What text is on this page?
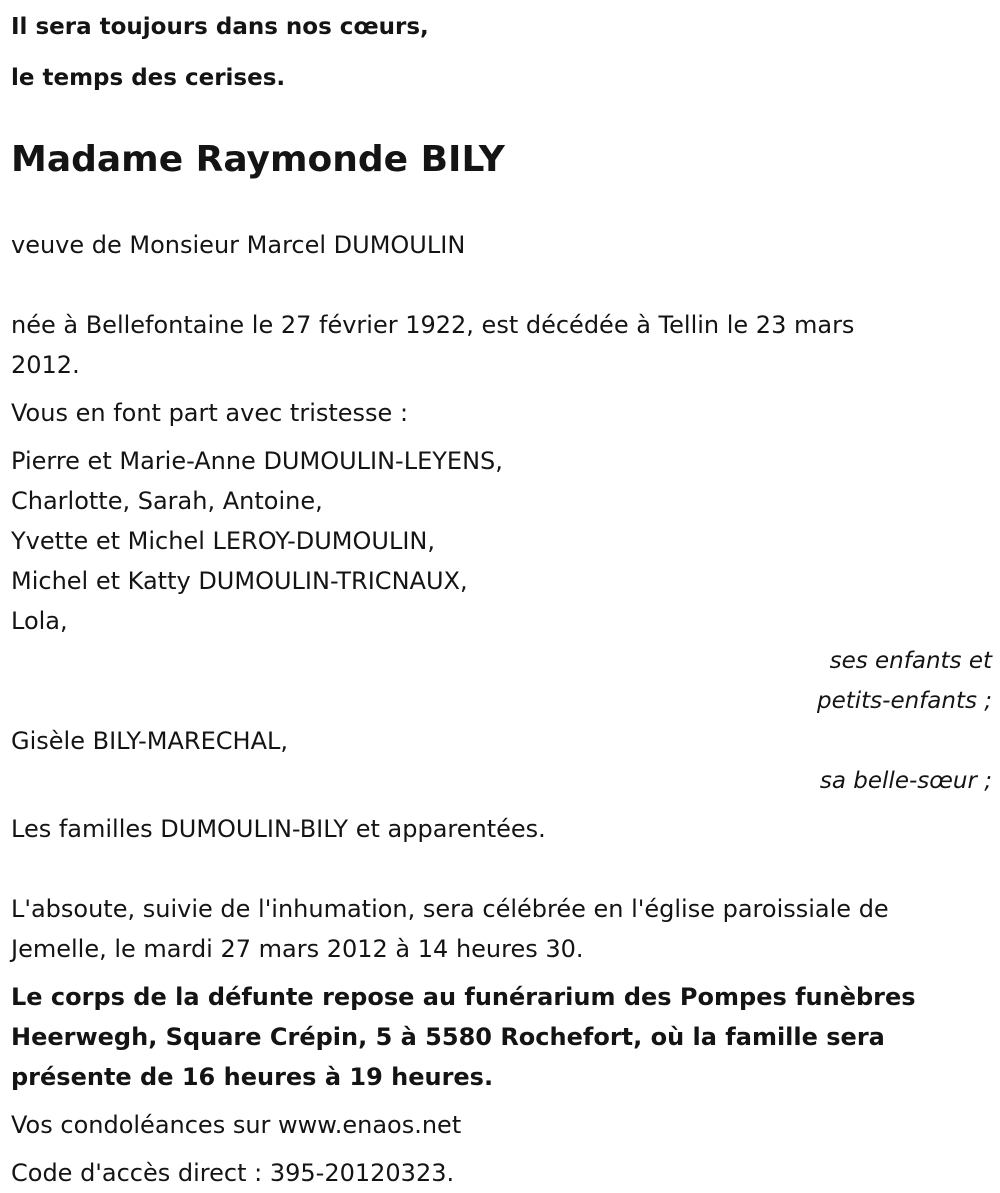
Il sera toujours dans nos cœurs,
le temps des cerises.
Madame Raymonde BILY
veuve de Monsieur Marcel DUMOULIN
née à Bellefontaine le 27 février 1922, est décédée à Tellin le 23 mars
2012.
Vous en font part avec tristesse :
Pierre et Marie-Anne DUMOULIN-LEYENS,
Charlotte, Sarah, Antoine,
Yvette et Michel LEROY-DUMOULIN,
Michel et Katty DUMOULIN-TRICNAUX,
Lola,
ses enfants et
petits-enfants ;
Gisèle BILY-MARECHAL,
sa belle-sœur ;
Les familles DUMOULIN-BILY et apparentées.
L'absoute, suivie de l'inhumation, sera célébrée en l'église paroissiale de
Jemelle, le mardi 27 mars 2012 à 14 heures 30.
Le corps de la défunte repose au funérarium des Pompes funèbres
Heerwegh, Square Crépin, 5 à 5580 Rochefort, où la famille sera
présente de 16 heures à 19 heures.
Vos condoléances sur www.enaos.net
Code d'accès direct : 395-20120323.
